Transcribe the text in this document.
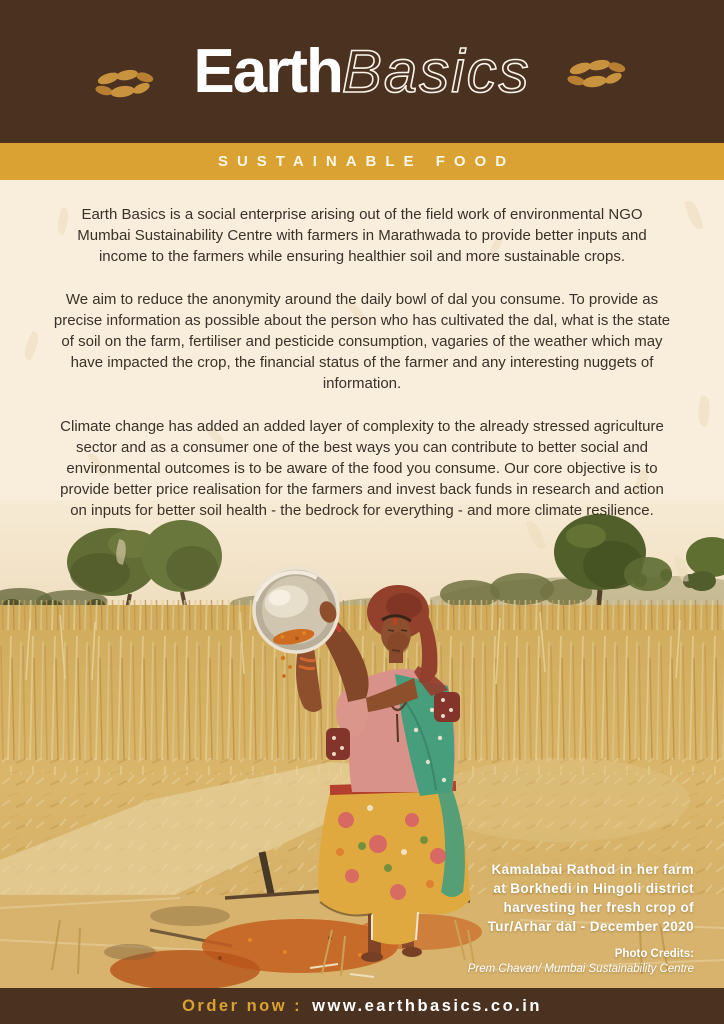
Earth Basics
SUSTAINABLE FOOD

Earth Basics is a social enterprise arising out of the field work of environmental NGO Mumbai Sustainability Centre with farmers in Marathwada to provide better inputs and income to the farmers while ensuring healthier soil and more sustainable crops.

We aim to reduce the anonymity around the daily bowl of dal you consume. To provide as precise information as possible about the person who has cultivated the dal, what is the state of soil on the farm, fertiliser and pesticide consumption, vagaries of the weather which may have impacted the crop, the financial status of the farmer and any interesting nuggets of information.

Climate change has added an added layer of complexity to the already stressed agriculture sector and as a consumer one of the best ways you can contribute to better social and environmental outcomes is to be aware of the food you consume. Our core objective is to provide better price realisation for the farmers and invest back funds in research and action on inputs for better soil health - the bedrock for everything - and more climate resilience.

Kamalabai Rathod in her farm
at Borkhedi in Hingoli district
harvesting her fresh crop of
Tur/Arhar dal - December 2020
Photo Credits:
Prem Chavan/ Mumbai Sustainability Centre
Order now : www.earthbasics.co.in
